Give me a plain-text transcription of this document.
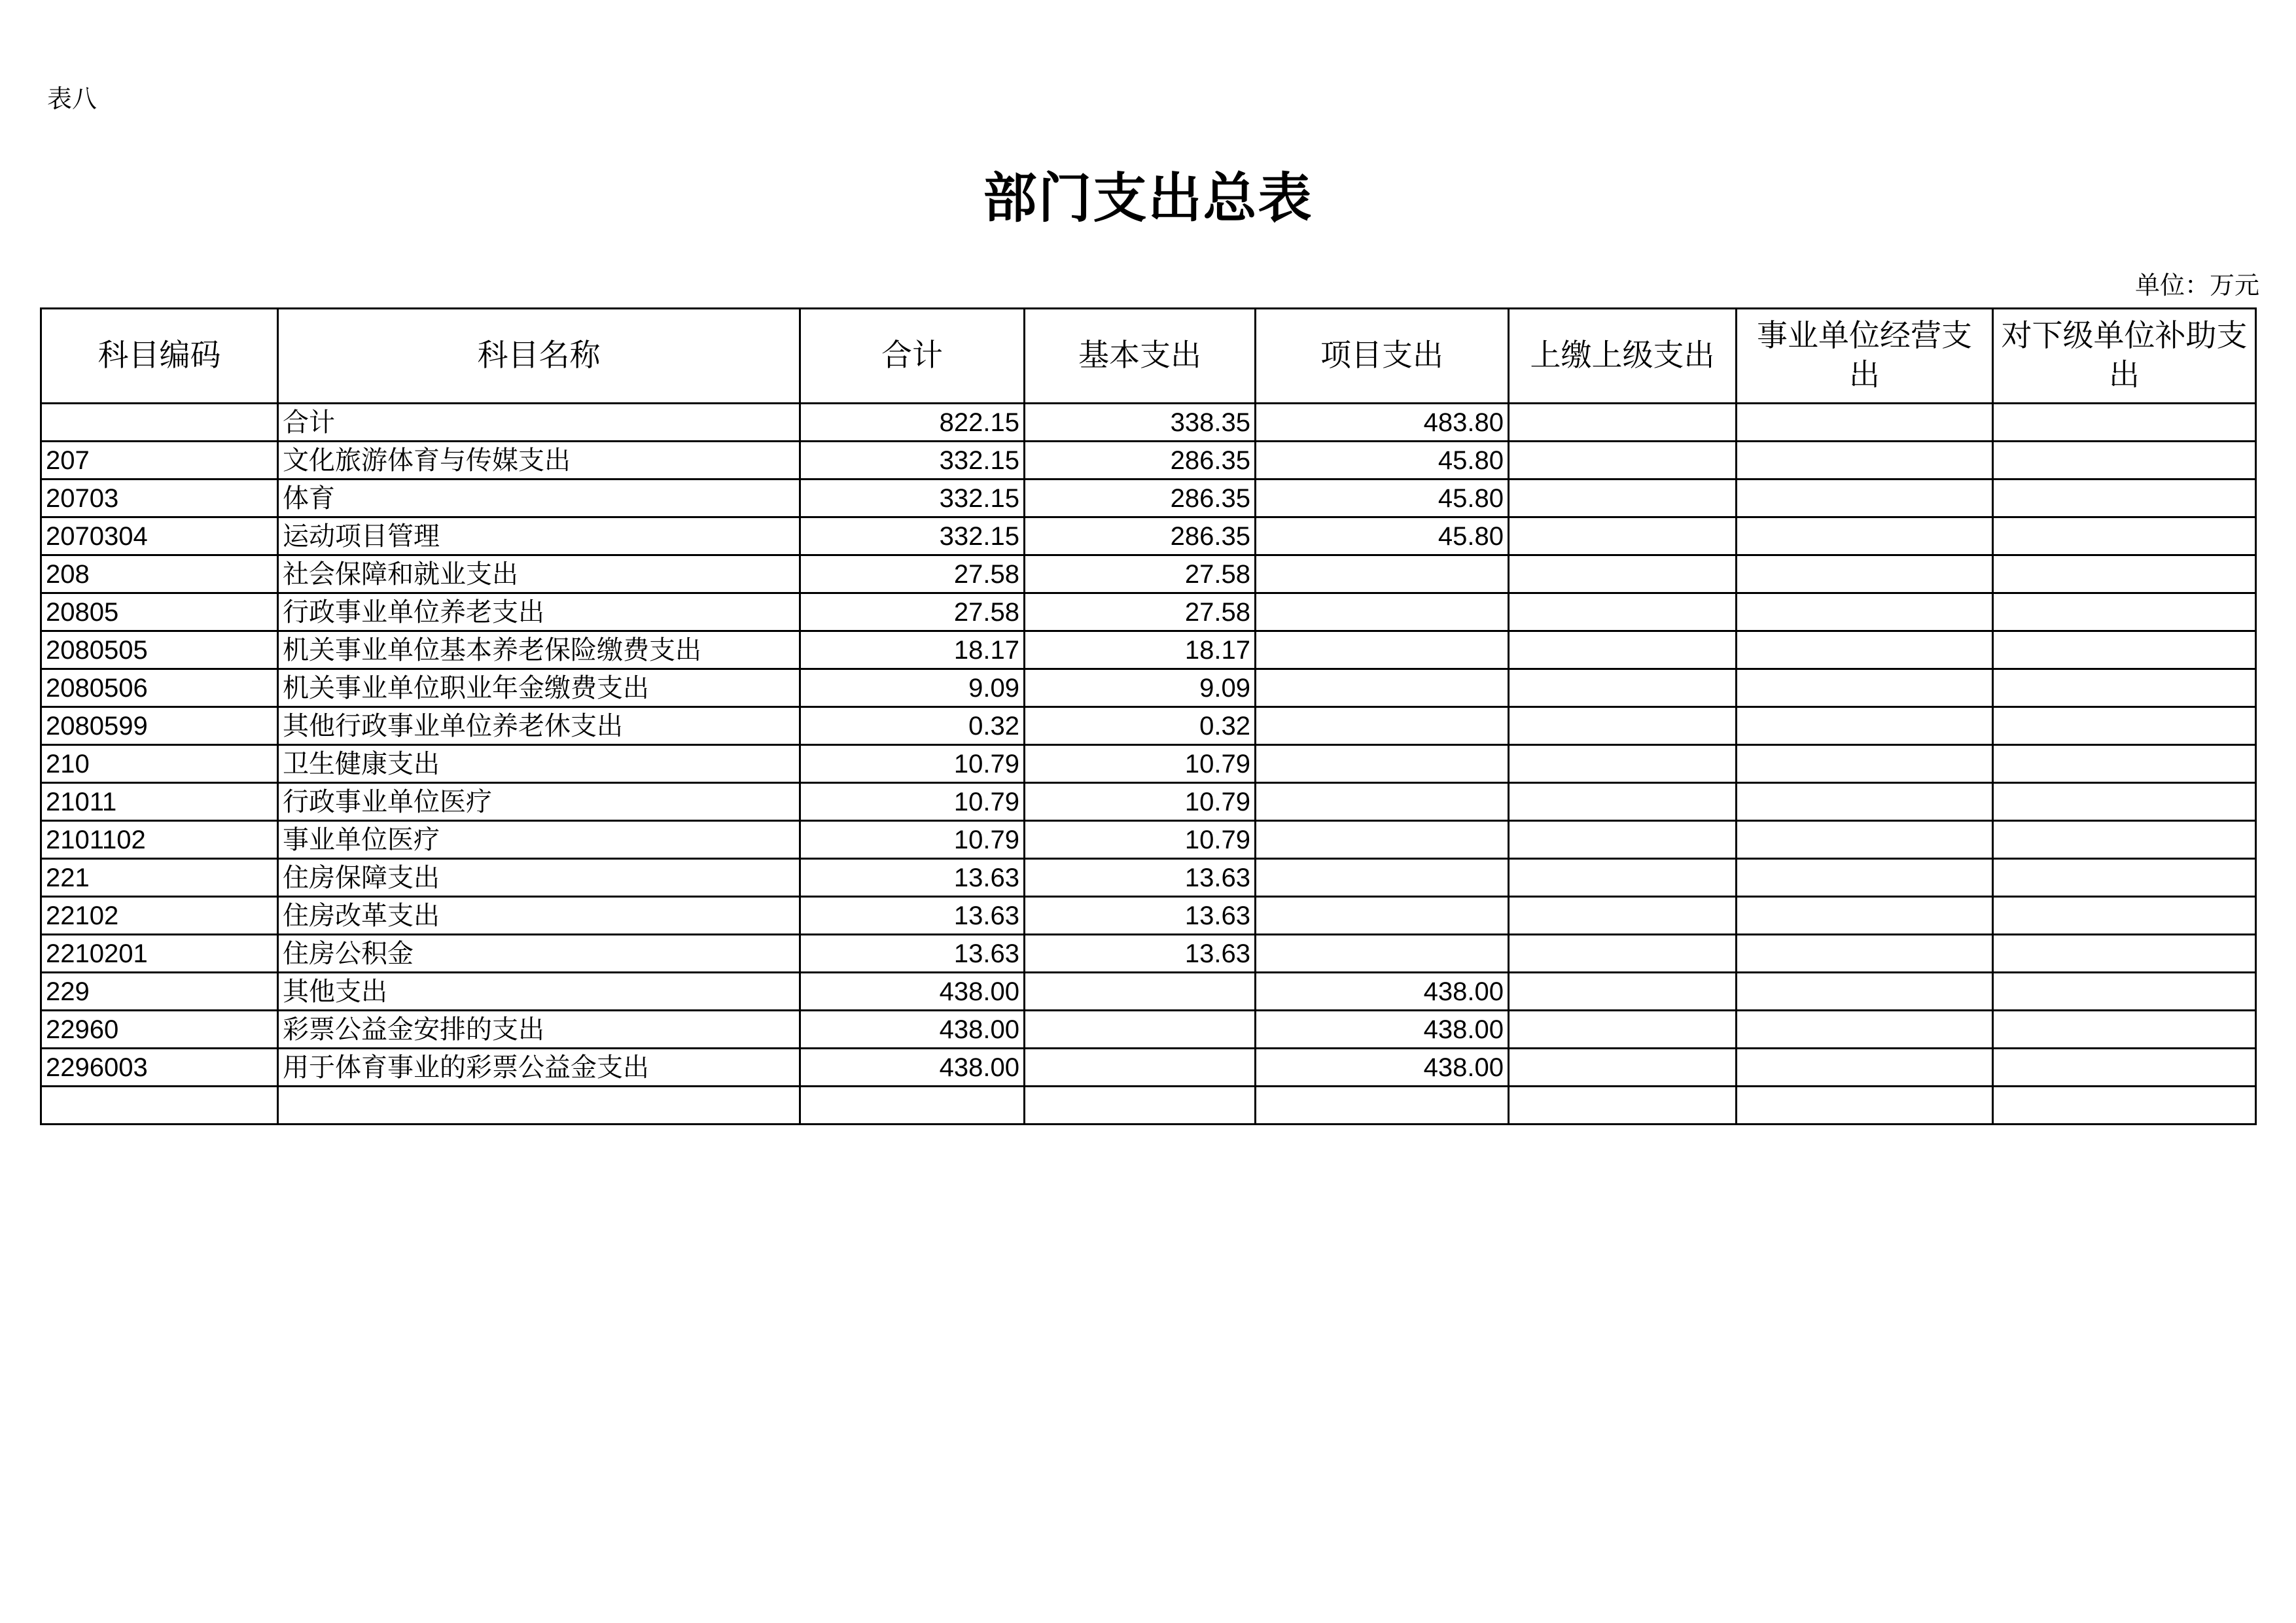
表八
部门支出总表
单位：万元
科目编码	科目名称	合计	基本支出	项目支出	上缴上级支出	事业单位经营支出	对下级单位补助支出
	合计	822.15	338.35	483.80			
207	文化旅游体育与传媒支出	332.15	286.35	45.80			
20703	体育	332.15	286.35	45.80			
2070304	运动项目管理	332.15	286.35	45.80			
208	社会保障和就业支出	27.58	27.58				
20805	行政事业单位养老支出	27.58	27.58				
2080505	机关事业单位基本养老保险缴费支出	18.17	18.17				
2080506	机关事业单位职业年金缴费支出	9.09	9.09				
2080599	其他行政事业单位养老休支出	0.32	0.32				
210	卫生健康支出	10.79	10.79				
21011	行政事业单位医疗	10.79	10.79				
2101102	事业单位医疗	10.79	10.79				
221	住房保障支出	13.63	13.63				
22102	住房改革支出	13.63	13.63				
2210201	住房公积金	13.63	13.63				
229	其他支出	438.00		438.00			
22960	彩票公益金安排的支出	438.00		438.00			
2296003	用于体育事业的彩票公益金支出	438.00		438.00			
